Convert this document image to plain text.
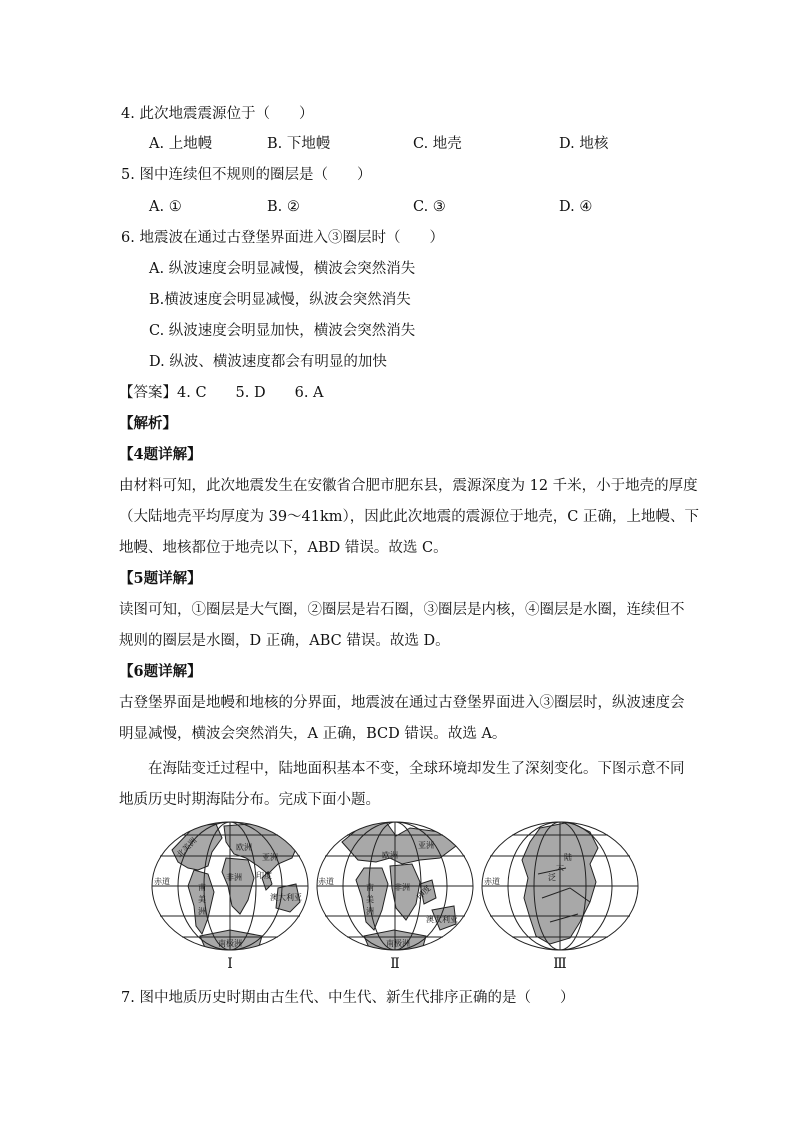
4. 此次地震震源位于（　　）
A. 上地幔	B. 下地幔	C. 地壳	D. 地核
5. 图中连续但不规则的圈层是（　　）
A. ①	B. ②	C. ③	D. ④
6. 地震波在通过古登堡界面进入③圈层时（　　）
A. 纵波速度会明显减慢，横波会突然消失
B.横波速度会明显减慢，纵波会突然消失
C. 纵波速度会明显加快，横波会突然消失
D. 纵波、横波速度都会有明显的加快
【答案】4. C　　5. D　　6. A
【解析】
【4题详解】
由材料可知，此次地震发生在安徽省合肥市肥东县，震源深度为 12 千米，小于地壳的厚度
（大陆地壳平均厚度为 39～41km），因此此次地震的震源位于地壳，C 正确，上地幔、下
地幔、地核都位于地壳以下，ABD 错误。故选 C。
【5题详解】
读图可知，①圈层是大气圈，②圈层是岩石圈，③圈层是内核，④圈层是水圈，连续但不
规则的圈层是水圈，D 正确，ABC 错误。故选 D。
【6题详解】
古登堡界面是地幔和地核的分界面，地震波在通过古登堡界面进入③圈层时，纵波速度会
明显减慢，横波会突然消失，A 正确，BCD 错误。故选 A。
　　在海陆变迁过程中，陆地面积基本不变，全球环境却发生了深刻变化。下图示意不同
地质历史时期海陆分布。完成下面小题。
北美洲	欧洲
亚洲
非洲 印度
南
美
洲
澳大利亚
南极洲
赤道
欧洲
亚洲
非洲
南
美
洲
印度
澳大利亚
南极洲
赤道	泛
大
陆
赤道
Ⅰ	Ⅱ	Ⅲ
7. 图中地质历史时期由古生代、中生代、新生代排序正确的是（　　）
